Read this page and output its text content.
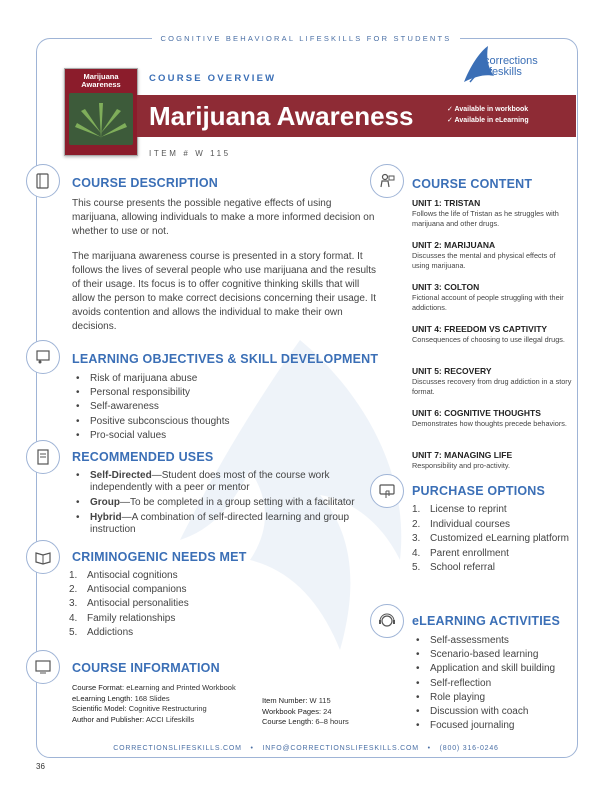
COGNITIVE BEHAVIORAL LIFESKILLS FOR STUDENTS
corrections
lifeskills
Marijuana Awareness
COURSE OVERVIEW
Marijuana Awareness	✓ Available in workbook
✓ Available in eLearning
ITEM # W 115
COURSE DESCRIPTION
This course presents the possible negative effects of using marijuana, allowing individuals to make a more informed decision on whether to use or not.
The marijuana awareness course is presented in a story format. It follows the lives of several people who use marijuana and the results of their usage. Its focus is to offer cognitive thinking skills that will allow the person to make correct decisions concerning their usage. It avoids contention and allows the individual to make their own decisions.
LEARNING OBJECTIVES & SKILL DEVELOPMENT
• Risk of marijuana abuse
• Personal responsibility
• Self-awareness
• Positive subconscious thoughts
• Pro-social values
RECOMMENDED USES
• Self-Directed—Student does most of the course work independently with a peer or mentor
• Group—To be completed in a group setting with a facilitator
• Hybrid—A combination of self-directed learning and group instruction
CRIMINOGENIC NEEDS MET
1. Antisocial cognitions
2. Antisocial companions
3. Antisocial personalities
4. Family relationships
5. Addictions
COURSE INFORMATION
Course Format: eLearning and Printed Workbook
eLearning Length: 168 Slides
Scientific Model: Cognitive Restructuring
Author and Publisher: ACCI Lifeskills
Item Number: W 115
Workbook Pages: 24
Course Length: 6–8 hours
COURSE CONTENT
UNIT 1: TRISTAN
Follows the life of Tristan as he struggles with marijuana and other drugs.
UNIT 2: MARIJUANA
Discusses the mental and physical effects of using marijuana.
UNIT 3: COLTON
Fictional account of people struggling with their addictions.
UNIT 4: FREEDOM VS CAPTIVITY
Consequences of choosing to use illegal drugs.
UNIT 5: RECOVERY
Discusses recovery from drug addiction in a story format.
UNIT 6: COGNITIVE THOUGHTS
Demonstrates how thoughts precede behaviors.
UNIT 7: MANAGING LIFE
Responsibility and pro-activity.
PURCHASE OPTIONS
1. License to reprint
2. Individual courses
3. Customized eLearning platform
4. Parent enrollment
5. School referral
eLEARNING ACTIVITIES
• Self-assessments
• Scenario-based learning
• Application and skill building
• Self-reflection
• Role playing
• Discussion with coach
• Focused journaling
CORRECTIONSLIFESKILLS.COM • INFO@CORRECTIONSLIFESKILLS.COM • (800) 316-0246
36
